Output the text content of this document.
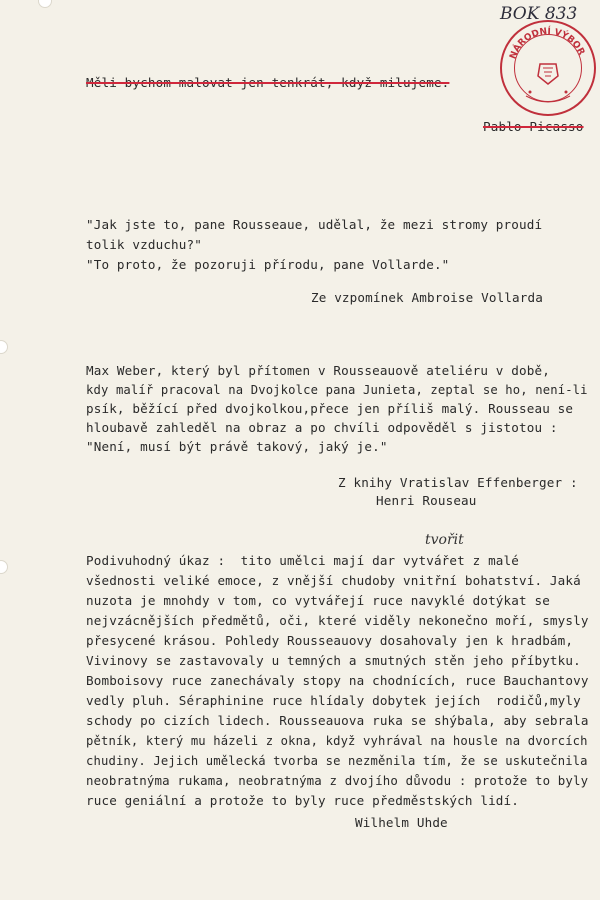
BOK 833
NÁRODNÍ VÝBOR
Měli bychom malovat jen tenkrát, když milujeme.
Pablo Picasso
"Jak jste to, pane Rousseaue, udělal, že mezi stromy proudí
tolik vzduchu?"
"To proto, že pozoruji přírodu, pane Vollarde."
Ze vzpomínek Ambroise Vollarda
Max Weber, který byl přítomen v Rousseauově ateliéru v době,
kdy malíř pracoval na Dvojkolce pana Junieta, zeptal se ho, není-li
psík, běžící před dvojkolkou,přece jen příliš malý. Rousseau se
hloubavě zahleděl na obraz a po chvíli odpověděl s jistotou :
"Není, musí být právě takový, jaký je."
Z knihy Vratislav Effenberger :
Henri Rouseau
tvořit
Podivuhodný úkaz :  tito umělci mají dar vytvářet z malé
všednosti veliké emoce, z vnější chudoby vnitřní bohatství. Jaká
nuzota je mnohdy v tom, co vytvářejí ruce navyklé dotýkat se
nejvzácnějších předmětů, oči, které viděly nekonečno moří, smysly
přesycené krásou. Pohledy Rousseauovy dosahovaly jen k hradbám,
Vivinovy se zastavovaly u temných a smutných stěn jeho příbytku.
Bomboisovy ruce zanechávaly stopy na chodnících, ruce Bauchantovy
vedly pluh. Séraphinine ruce hlídaly dobytek jejích  rodičů,myly
schody po cizích lidech. Rousseauova ruka se shýbala, aby sebrala
pětník, který mu házeli z okna, když vyhrával na housle na dvorcích
chudiny. Jejich umělecká tvorba se nezměnila tím, že se uskutečnila
neobratnýma rukama, neobratnýma z dvojího důvodu : protože to byly
ruce geniální a protože to byly ruce předměstských lidí.
Wilhelm Uhde
